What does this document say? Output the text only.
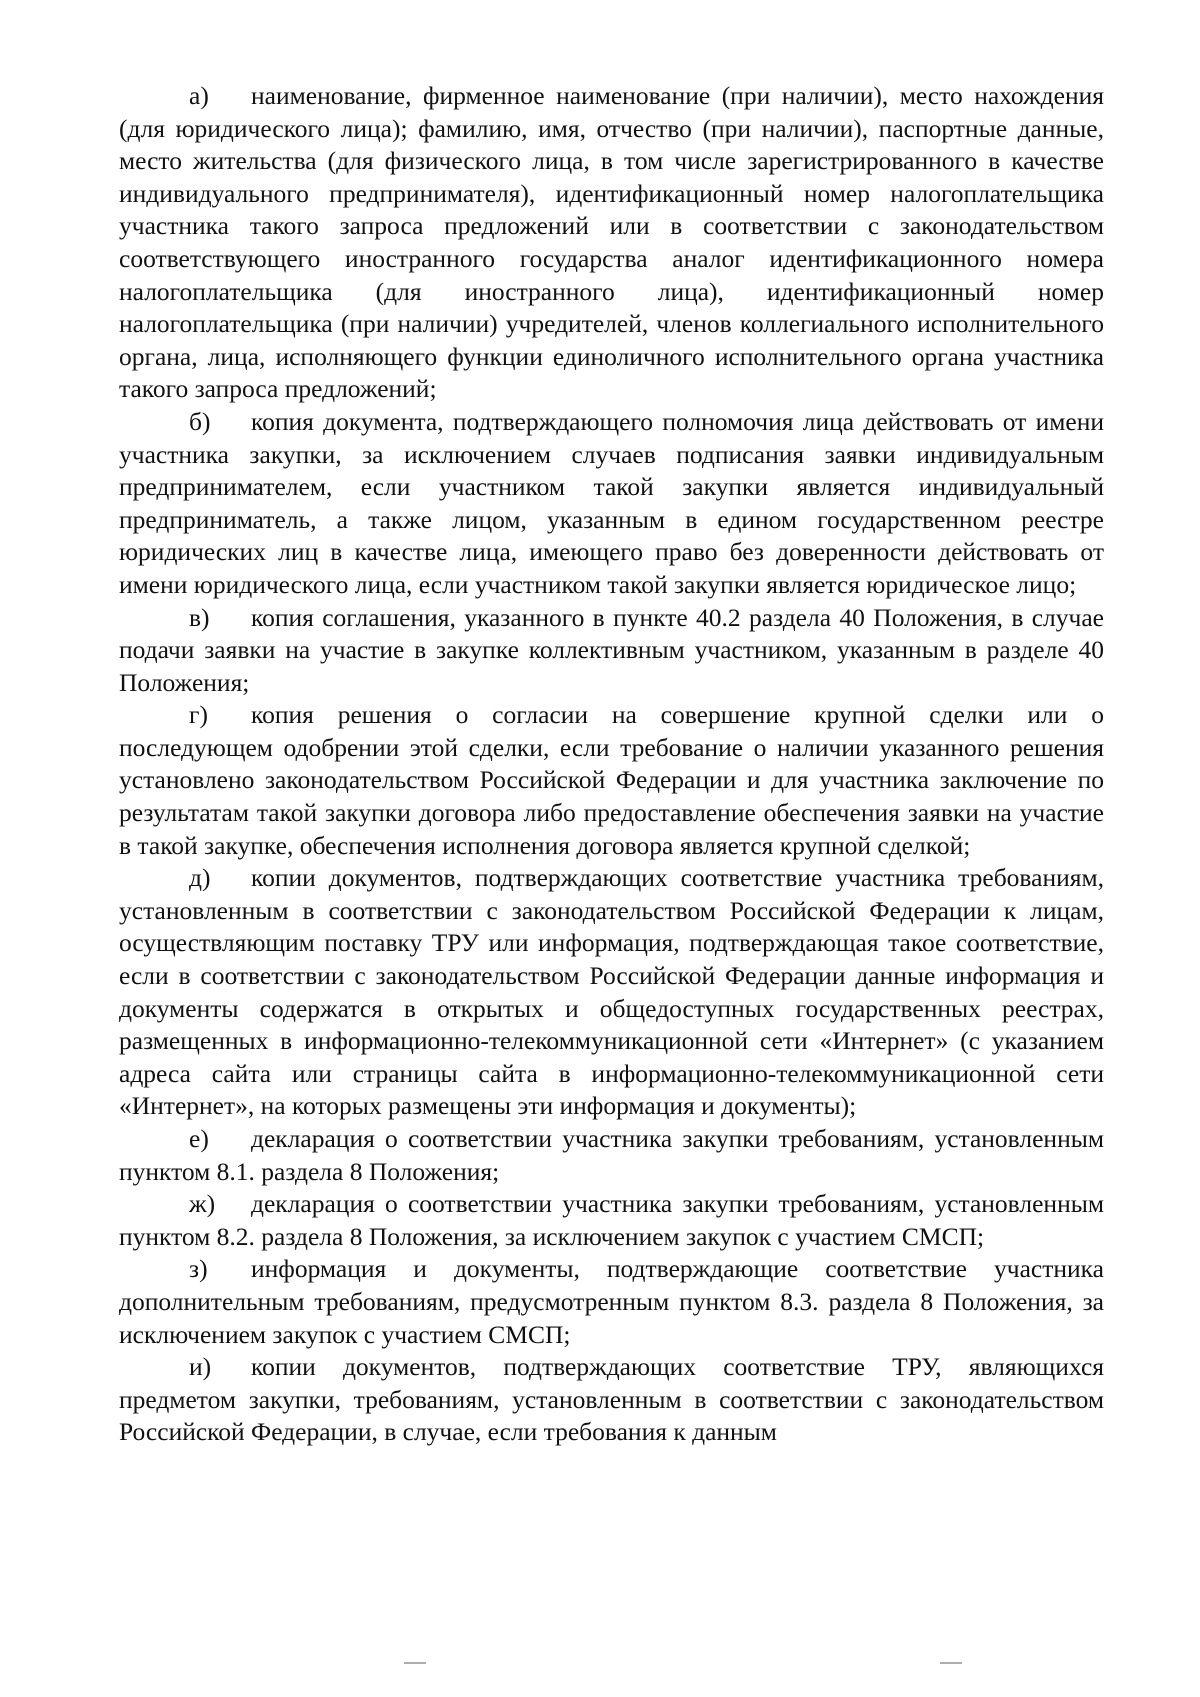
а) наименование, фирменное наименование (при наличии), место нахождения (для юридического лица); фамилию, имя, отчество (при наличии), паспортные данные, место жительства (для физического лица, в том числе зарегистрированного в качестве индивидуального предпринимателя), идентификационный номер налогоплательщика участника такого запроса предложений или в соответствии с законодательством соответствующего иностранного государства аналог идентификационного номера налогоплательщика (для иностранного лица), идентификационный номер налогоплательщика (при наличии) учредителей, членов коллегиального исполнительного органа, лица, исполняющего функции единоличного исполнительного органа участника такого запроса предложений;

б) копия документа, подтверждающего полномочия лица действовать от имени участника закупки, за исключением случаев подписания заявки индивидуальным предпринимателем, если участником такой закупки является индивидуальный предприниматель, а также лицом, указанным в едином государственном реестре юридических лиц в качестве лица, имеющего право без доверенности действовать от имени юридического лица, если участником такой закупки является юридическое лицо;

в) копия соглашения, указанного в пункте 40.2 раздела 40 Положения, в случае подачи заявки на участие в закупке коллективным участником, указанным в разделе 40 Положения;

г) копия решения о согласии на совершение крупной сделки или о последующем одобрении этой сделки, если требование о наличии указанного решения установлено законодательством Российской Федерации и для участника заключение по результатам такой закупки договора либо предоставление обеспечения заявки на участие в такой закупке, обеспечения исполнения договора является крупной сделкой;

д) копии документов, подтверждающих соответствие участника требованиям, установленным в соответствии с законодательством Российской Федерации к лицам, осуществляющим поставку ТРУ или информация, подтверждающая такое соответствие, если в соответствии с законодательством Российской Федерации данные информация и документы содержатся в открытых и общедоступных государственных реестрах, размещенных в информационно-телекоммуникационной сети «Интернет» (с указанием адреса сайта или страницы сайта в информационно-телекоммуникационной сети «Интернет», на которых размещены эти информация и документы);

е) декларация о соответствии участника закупки требованиям, установленным пунктом 8.1. раздела 8 Положения;

ж) декларация о соответствии участника закупки требованиям, установленным пунктом 8.2. раздела 8 Положения, за исключением закупок с участием СМСП;

з) информация и документы, подтверждающие соответствие участника дополнительным требованиям, предусмотренным пунктом 8.3. раздела 8 Положения, за исключением закупок с участием СМСП;

и) копии документов, подтверждающих соответствие ТРУ, являющихся предметом закупки, требованиям, установленным в соответствии с законодательством Российской Федерации, в случае, если требования к данным
